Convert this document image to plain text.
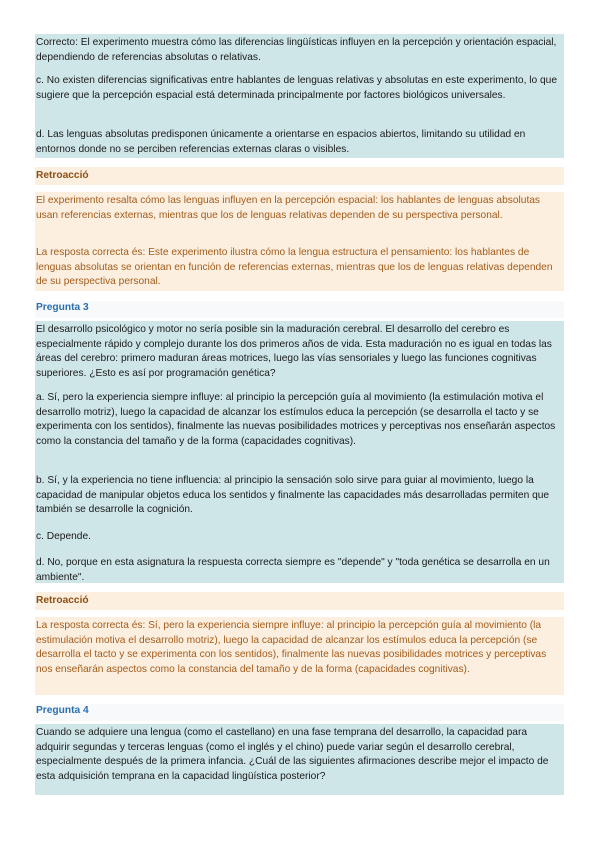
Correcto: El experimento muestra cómo las diferencias lingüísticas influyen en la percepción y orientación espacial, dependiendo de referencias absolutas o relativas.

c. No existen diferencias significativas entre hablantes de lenguas relativas y absolutas en este experimento, lo que sugiere que la percepción espacial está determinada principalmente por factores biológicos universales.

d. Las lenguas absolutas predisponen únicamente a orientarse en espacios abiertos, limitando su utilidad en entornos donde no se perciben referencias externas claras o visibles.

Retroacció

El experimento resalta cómo las lenguas influyen en la percepción espacial: los hablantes de lenguas absolutas usan referencias externas, mientras que los de lenguas relativas dependen de su perspectiva personal.

La resposta correcta és: Este experimento ilustra cómo la lengua estructura el pensamiento: los hablantes de lenguas absolutas se orientan en función de referencias externas, mientras que los de lenguas relativas dependen de su perspectiva personal.

Pregunta 3

El desarrollo psicológico y motor no sería posible sin la maduración cerebral. El desarrollo del cerebro es especialmente rápido y complejo durante los dos primeros años de vida. Esta maduración no es igual en todas las áreas del cerebro: primero maduran áreas motrices, luego las vías sensoriales y luego las funciones cognitivas superiores. ¿Esto es así por programación genética?

a. Sí, pero la experiencia siempre influye: al principio la percepción guía al movimiento (la estimulación motiva el desarrollo motriz), luego la capacidad de alcanzar los estímulos educa la percepción (se desarrolla el tacto y se experimenta con los sentidos), finalmente las nuevas posibilidades motrices y perceptivas nos enseñarán aspectos como la constancia del tamaño y de la forma (capacidades cognitivas).

b. Sí, y la experiencia no tiene influencia: al principio la sensación solo sirve para guiar al movimiento, luego la capacidad de manipular objetos educa los sentidos y finalmente las capacidades más desarrolladas permiten que también se desarrolle la cognición.

c. Depende.

d. No, porque en esta asignatura la respuesta correcta siempre es "depende" y "toda genética se desarrolla en un ambiente".

Retroacció

La resposta correcta és: Sí, pero la experiencia siempre influye: al principio la percepción guía al movimiento (la estimulación motiva el desarrollo motriz), luego la capacidad de alcanzar los estímulos educa la percepción (se desarrolla el tacto y se experimenta con los sentidos), finalmente las nuevas posibilidades motrices y perceptivas nos enseñarán aspectos como la constancia del tamaño y de la forma (capacidades cognitivas).

Pregunta 4

Cuando se adquiere una lengua (como el castellano) en una fase temprana del desarrollo, la capacidad para adquirir segundas y terceras lenguas (como el inglés y el chino) puede variar según el desarrollo cerebral, especialmente después de la primera infancia. ¿Cuál de las siguientes afirmaciones describe mejor el impacto de esta adquisición temprana en la capacidad lingüística posterior?
